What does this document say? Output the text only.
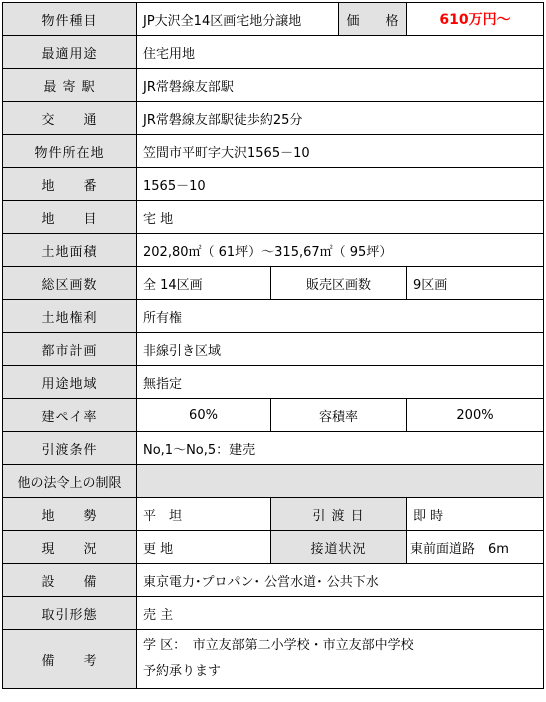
物件種目	JP大沢全14区画宅地分譲地		価　　格	610万円～
最適用途	住宅用地			
最 寄 駅	JR常磐線友部駅			
交　　通	JR常磐線友部駅徒歩約25分			
物件所在地	笠間市平町字大沢1565－10			
地　　番	1565－10			
地　　目	宅 地			
土地面積	202,80㎡（ 61坪）～315,67㎡（ 95坪）			
総区画数	全 14区画	販売区画数		9区画
土地権利	所有権			
都市計画	非線引き区域			
用途地域	無指定			
建ペイ率	60%	容積率		200%
引渡条件	No,1～No,5：建売			
他の法令上の制限				
地　　勢	平　坦	引 渡 日		即 時
現　　況	更 地	接道状況		東前面道路　6m
設　　備	東京電力･プロパン･ 公営水道･ 公共下水			
取引形態	売 主			
備　　考	学 区：　市立友部第二小学校・市立友部中学校
予約承ります			
